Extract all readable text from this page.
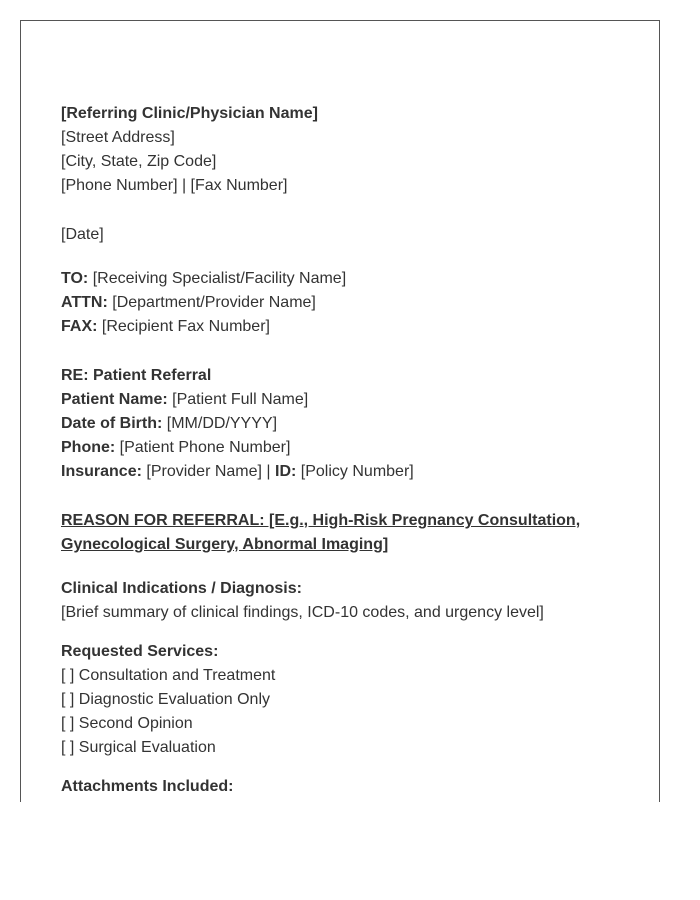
[Referring Clinic/Physician Name]
[Street Address]
[City, State, Zip Code]
[Phone Number] | [Fax Number]
[Date]
TO: [Receiving Specialist/Facility Name]
ATTN: [Department/Provider Name]
FAX: [Recipient Fax Number]
RE: Patient Referral
Patient Name: [Patient Full Name]
Date of Birth: [MM/DD/YYYY]
Phone: [Patient Phone Number]
Insurance: [Provider Name] | ID: [Policy Number]
REASON FOR REFERRAL: [E.g., High-Risk Pregnancy Consultation, Gynecological Surgery, Abnormal Imaging]
Clinical Indications / Diagnosis:
[Brief summary of clinical findings, ICD-10 codes, and urgency level]
Requested Services:
[ ] Consultation and Treatment
[ ] Diagnostic Evaluation Only
[ ] Second Opinion
[ ] Surgical Evaluation
Attachments Included:
